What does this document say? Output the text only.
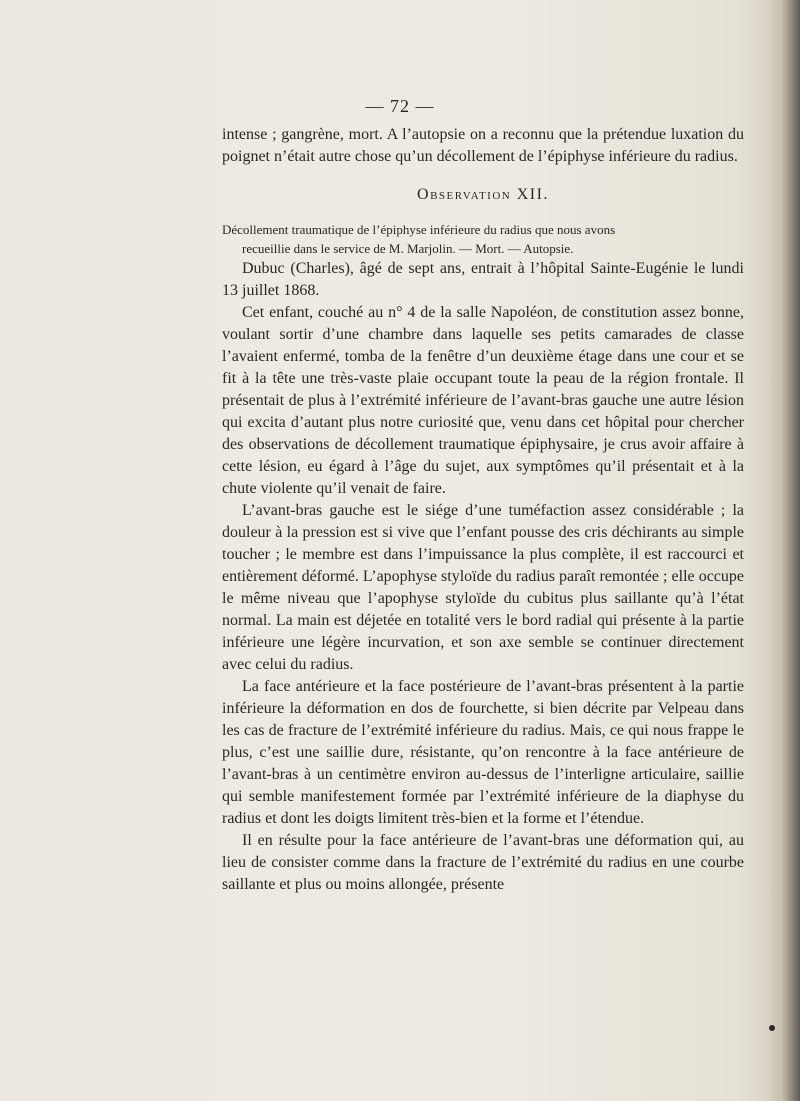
— 72 —

intense ; gangrène, mort. A l’autopsie on a reconnu que la prétendue luxation du poignet n’était autre chose qu’un décollement de l’épiphyse inférieure du radius.

Observation XII.

Décollement traumatique de l’épiphyse inférieure du radius que nous avons
recueillie dans le service de M. Marjolin. — Mort. — Autopsie.

Dubuc (Charles), âgé de sept ans, entrait à l’hôpital Sainte-Eugénie le lundi 13 juillet 1868.

Cet enfant, couché au n° 4 de la salle Napoléon, de constitution assez bonne, voulant sortir d’une chambre dans laquelle ses petits camarades de classe l’avaient enfermé, tomba de la fenêtre d’un deuxième étage dans une cour et se fit à la tête une très-vaste plaie occupant toute la peau de la région frontale. Il présentait de plus à l’extrémité inférieure de l’avant-bras gauche une autre lésion qui excita d’autant plus notre curiosité que, venu dans cet hôpital pour chercher des observations de décollement traumatique épiphysaire, je crus avoir affaire à cette lésion, eu égard à l’âge du sujet, aux symptômes qu’il présentait et à la chute violente qu’il venait de faire.

L’avant-bras gauche est le siége d’une tuméfaction assez considérable ; la douleur à la pression est si vive que l’enfant pousse des cris déchirants au simple toucher ; le membre est dans l’impuissance la plus complète, il est raccourci et entièrement déformé. L’apophyse styloïde du radius paraît remontée ; elle occupe le même niveau que l’apophyse styloïde du cubitus plus saillante qu’à l’état normal. La main est déjetée en totalité vers le bord radial qui présente à la partie inférieure une légère incurvation, et son axe semble se continuer directement avec celui du radius.

La face antérieure et la face postérieure de l’avant-bras présentent à la partie inférieure la déformation en dos de fourchette, si bien décrite par Velpeau dans les cas de fracture de l’extrémité inférieure du radius. Mais, ce qui nous frappe le plus, c’est une saillie dure, résistante, qu’on rencontre à la face antérieure de l’avant-bras à un centimètre environ au-dessus de l’interligne articulaire, saillie qui semble manifestement formée par l’extrémité inférieure de la diaphyse du radius et dont les doigts limitent très-bien et la forme et l’étendue.

Il en résulte pour la face antérieure de l’avant-bras une déformation qui, au lieu de consister comme dans la fracture de l’extrémité du radius en une courbe saillante et plus ou moins allongée, présente
